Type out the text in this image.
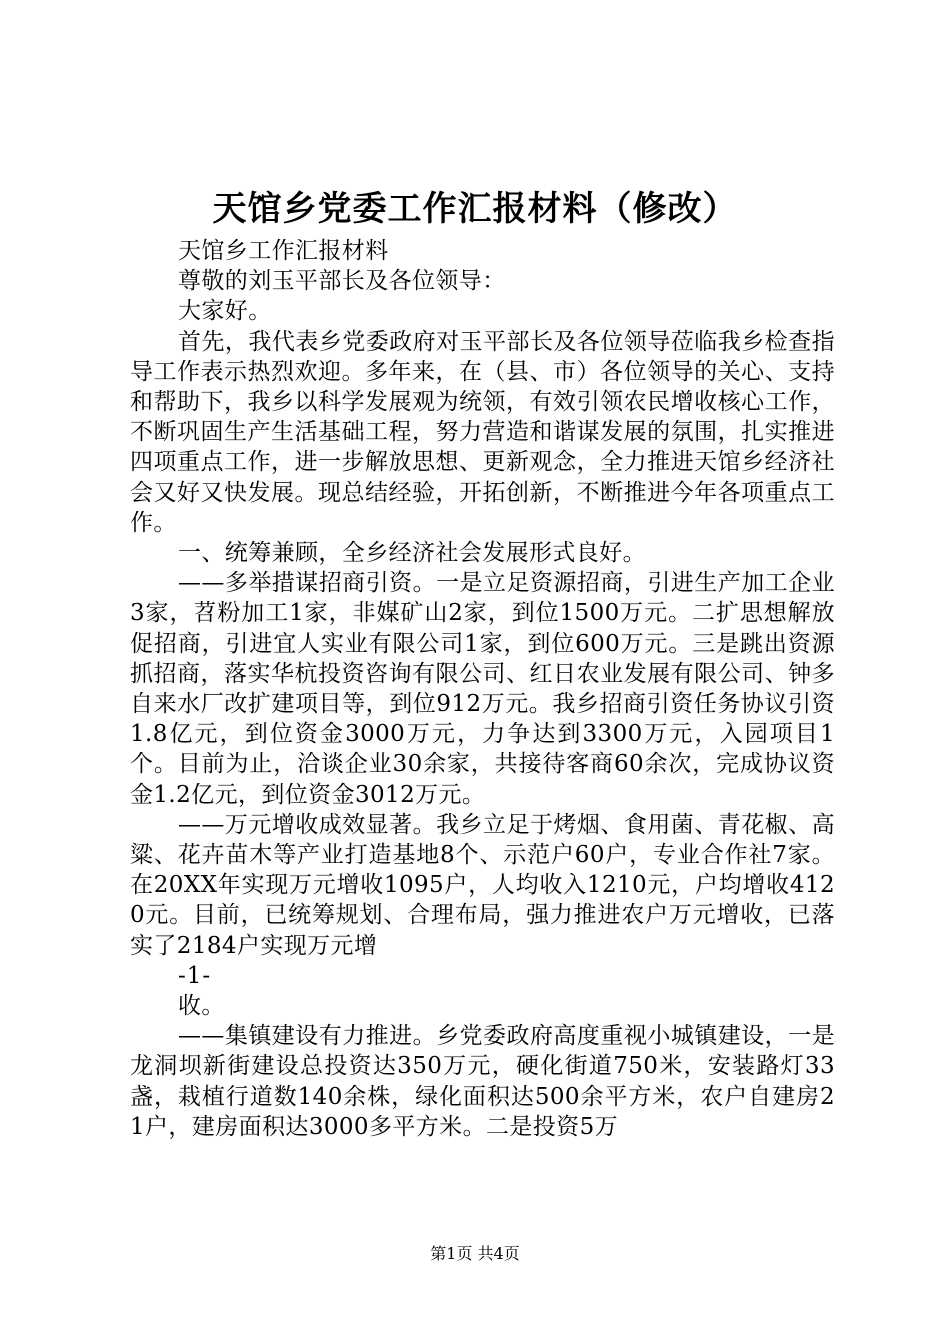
天馆乡党委工作汇报材料（修改）

天馆乡工作汇报材料

尊敬的刘玉平部长及各位领导：

大家好。

首先，我代表乡党委政府对玉平部长及各位领导莅临我乡检查指导工作表示热烈欢迎。多年来，在（县、市）各位领导的关心、支持和帮助下，我乡以科学发展观为统领，有效引领农民增收核心工作，不断巩固生产生活基础工程，努力营造和谐谋发展的氛围，扎实推进四项重点工作，进一步解放思想、更新观念，全力推进天馆乡经济社会又好又快发展。现总结经验，开拓创新，不断推进今年各项重点工作。

一、统筹兼顾，全乡经济社会发展形式良好。

——多举措谋招商引资。一是立足资源招商，引进生产加工企业3家，苕粉加工1家，非媒矿山2家，到位1500万元。二扩思想解放促招商，引进宜人实业有限公司1家，到位600万元。三是跳出资源抓招商，落实华杭投资咨询有限公司、红日农业发展有限公司、钟多自来水厂改扩建项目等，到位912万元。我乡招商引资任务协议引资1.8亿元，到位资金3000万元，力争达到3300万元，入园项目1个。目前为止，洽谈企业30余家，共接待客商60余次，完成协议资金1.2亿元，到位资金3012万元。

——万元增收成效显著。我乡立足于烤烟、食用菌、青花椒、高粱、花卉苗木等产业打造基地8个、示范户60户，专业合作社7家。在20XX年实现万元增收1095户，人均收入1210元，户均增收4120元。目前，已统筹规划、合理布局，强力推进农户万元增收，已落实了2184户实现万元增

-1-

收。

——集镇建设有力推进。乡党委政府高度重视小城镇建设，一是龙洞坝新街建设总投资达350万元，硬化街道750米，安装路灯33盏，栽植行道数140余株，绿化面积达500余平方米，农户自建房21户，建房面积达3000多平方米。二是投资5万

第1页 共4页
